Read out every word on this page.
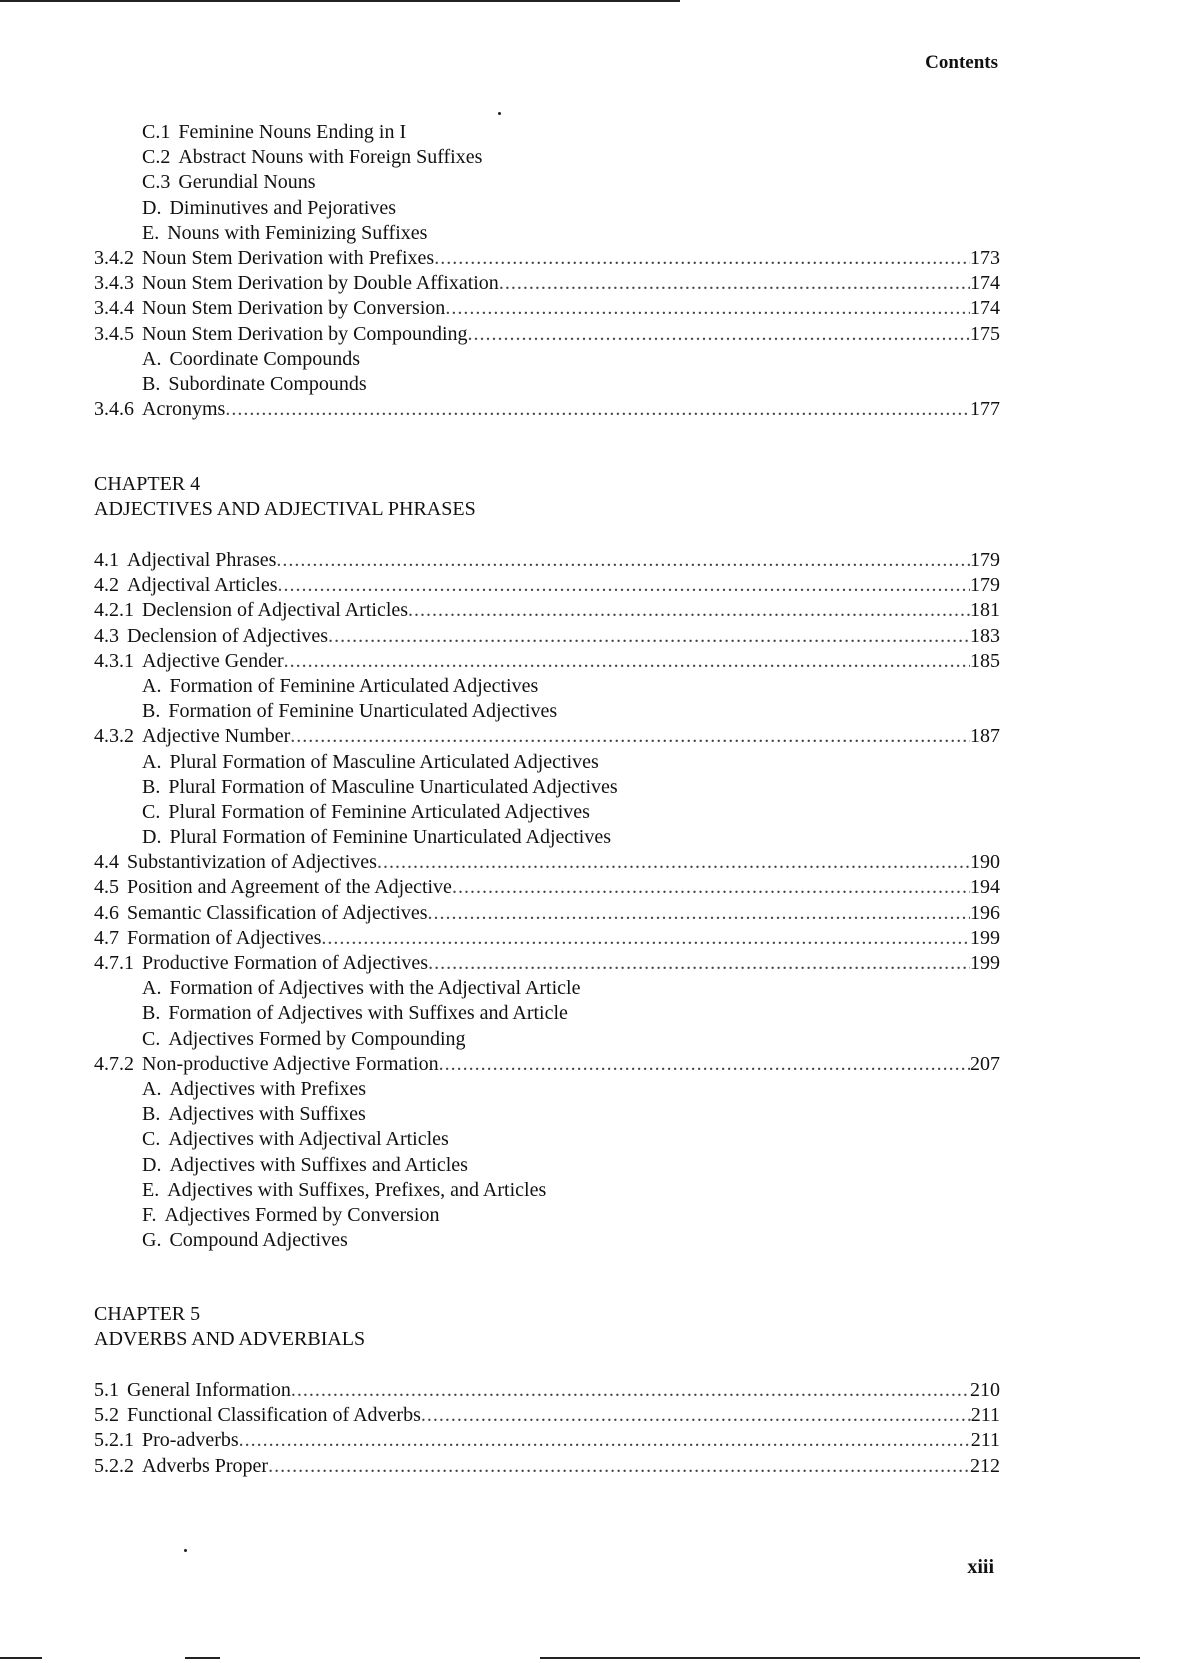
Contents
C.1 Feminine Nouns Ending in I
C.2 Abstract Nouns with Foreign Suffixes
C.3 Gerundial Nouns
D. Diminutives and Pejoratives
E. Nouns with Feminizing Suffixes
3.4.2 Noun Stem Derivation with Prefixes .....	173
3.4.3 Noun Stem Derivation by Double Affixation .....	174
3.4.4 Noun Stem Derivation by Conversion .....	174
3.4.5 Noun Stem Derivation by Compounding .....	175
A. Coordinate Compounds
B. Subordinate Compounds
3.4.6 Acronyms .....	177
CHAPTER 4
ADJECTIVES AND ADJECTIVAL PHRASES
4.1 Adjectival Phrases .....	179
4.2 Adjectival Articles .....	179
4.2.1 Declension of Adjectival Articles .....	181
4.3 Declension of Adjectives .....	183
4.3.1 Adjective Gender .....	185
A. Formation of Feminine Articulated Adjectives
B. Formation of Feminine Unarticulated Adjectives
4.3.2 Adjective Number .....	187
A. Plural Formation of Masculine Articulated Adjectives
B. Plural Formation of Masculine Unarticulated Adjectives
C. Plural Formation of Feminine Articulated Adjectives
D. Plural Formation of Feminine Unarticulated Adjectives
4.4 Substantivization of Adjectives .....	190
4.5 Position and Agreement of the Adjective .....	194
4.6 Semantic Classification of Adjectives .....	196
4.7 Formation of Adjectives .....	199
4.7.1 Productive Formation of Adjectives .....	199
A. Formation of Adjectives with the Adjectival Article
B. Formation of Adjectives with Suffixes and Article
C. Adjectives Formed by Compounding
4.7.2 Non-productive Adjective Formation .....	207
A. Adjectives with Prefixes
B. Adjectives with Suffixes
C. Adjectives with Adjectival Articles
D. Adjectives with Suffixes and Articles
E. Adjectives with Suffixes, Prefixes, and Articles
F. Adjectives Formed by Conversion
G. Compound Adjectives
CHAPTER 5
ADVERBS AND ADVERBIALS
5.1 General Information .....	210
5.2 Functional Classification of Adverbs .....	211
5.2.1 Pro-adverbs .....	211
5.2.2 Adverbs Proper .....	212
xiii
